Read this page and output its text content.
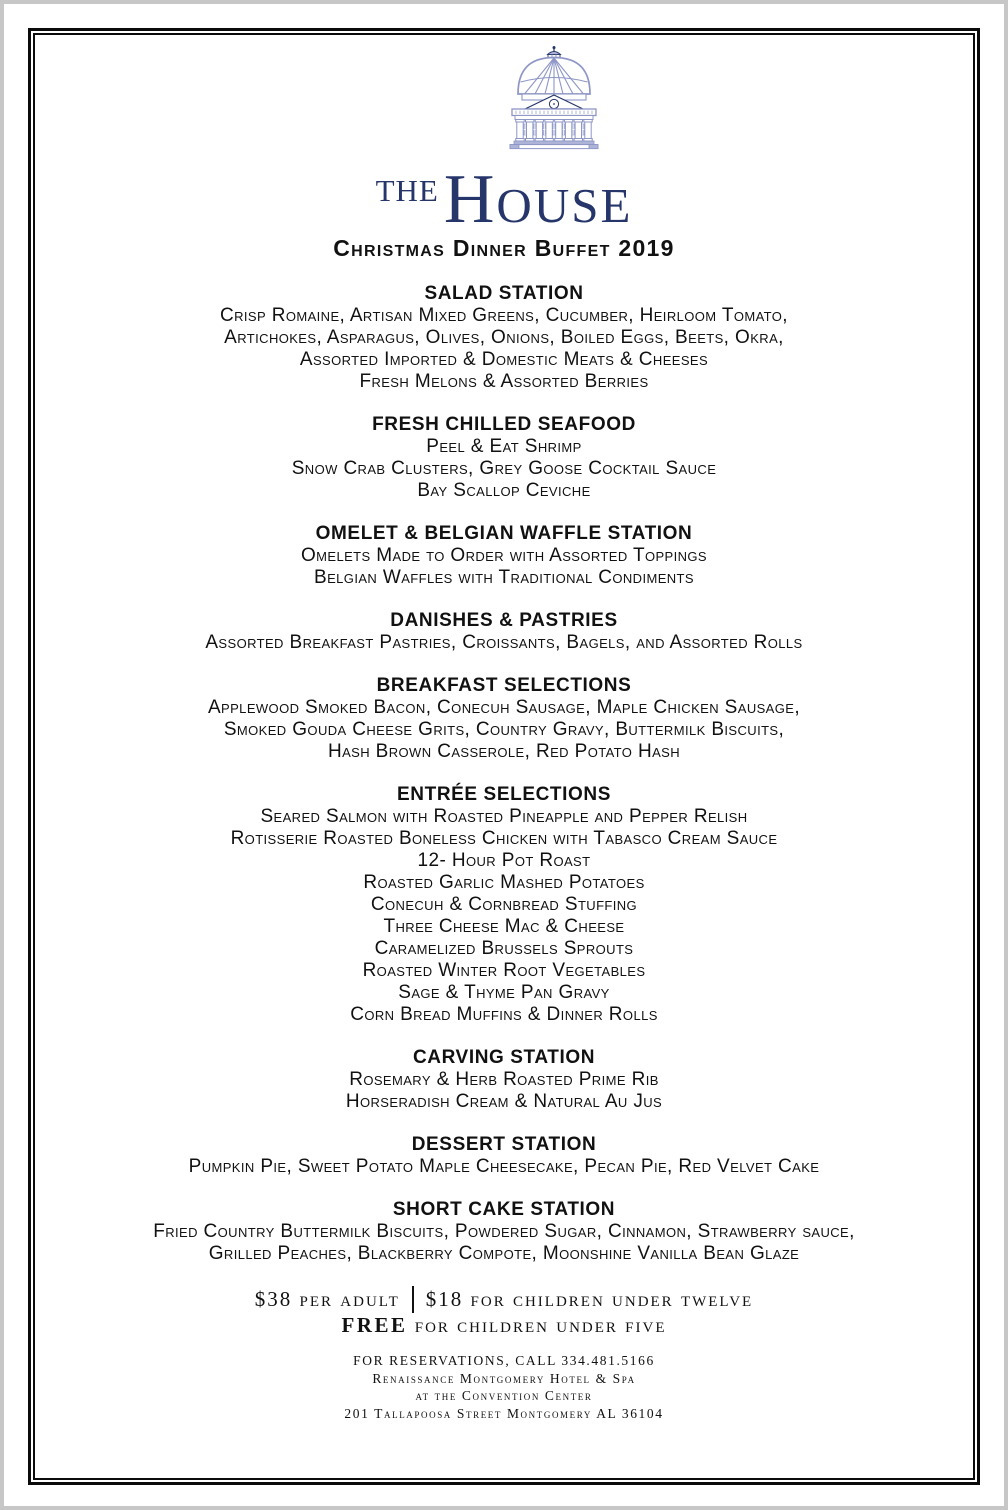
THE House
Christmas Dinner Buffet 2019
SALAD STATION
Crisp Romaine, Artisan Mixed Greens, Cucumber, Heirloom Tomato,
Artichokes, Asparagus, Olives, Onions, Boiled Eggs, Beets, Okra,
Assorted Imported & Domestic Meats & Cheeses
Fresh Melons & Assorted Berries
FRESH CHILLED SEAFOOD
Peel & Eat Shrimp
Snow Crab Clusters, Grey Goose Cocktail Sauce
Bay Scallop Ceviche
OMELET & BELGIAN WAFFLE STATION
Omelets Made to Order with Assorted Toppings
Belgian Waffles with Traditional Condiments
DANISHES & PASTRIES
Assorted Breakfast Pastries, Croissants, Bagels, and Assorted Rolls
BREAKFAST SELECTIONS
Applewood Smoked Bacon, Conecuh Sausage, Maple Chicken Sausage,
Smoked Gouda Cheese Grits, Country Gravy, Buttermilk Biscuits,
Hash Brown Casserole, Red Potato Hash
ENTRÉE SELECTIONS
Seared Salmon with Roasted Pineapple and Pepper Relish
Rotisserie Roasted Boneless Chicken with Tabasco Cream Sauce
12- Hour Pot Roast
Roasted Garlic Mashed Potatoes
Conecuh & Cornbread Stuffing
Three Cheese Mac & Cheese
Caramelized Brussels Sprouts
Roasted Winter Root Vegetables
Sage & Thyme Pan Gravy
Corn Bread Muffins & Dinner Rolls
CARVING STATION
Rosemary & Herb Roasted Prime Rib
Horseradish Cream & Natural Au Jus
DESSERT STATION
Pumpkin Pie, Sweet Potato Maple Cheesecake, Pecan Pie, Red Velvet Cake
SHORT CAKE STATION
Fried Country Buttermilk Biscuits, Powdered Sugar, Cinnamon, Strawberry sauce,
Grilled Peaches, Blackberry Compote, Moonshine Vanilla Bean Glaze
$38 per adult $18 for children under twelve
FREE for children under five
FOR RESERVATIONS, CALL 334.481.5166
Renaissance Montgomery Hotel & Spa
at the Convention Center
201 Tallapoosa Street Montgomery AL 36104
